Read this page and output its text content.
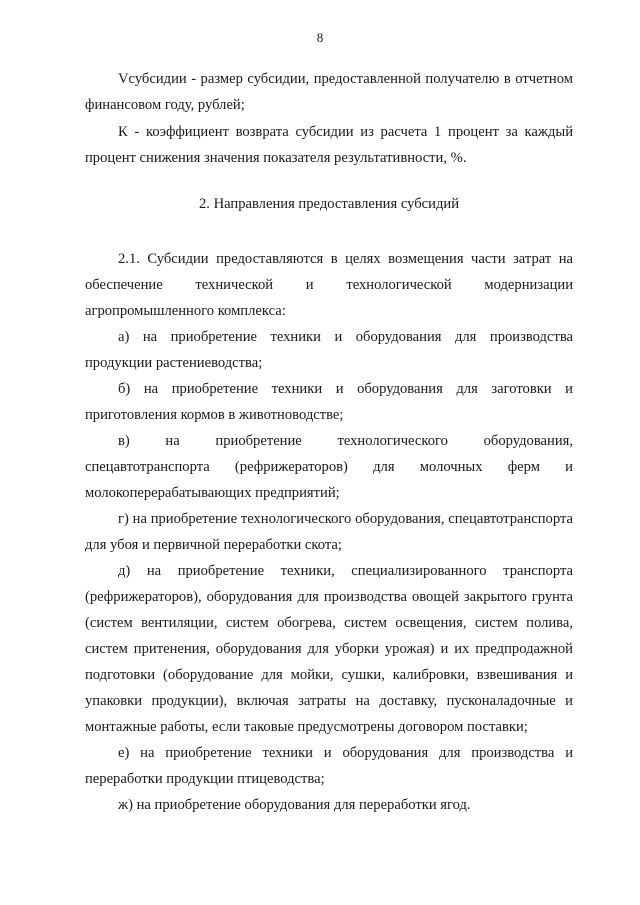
8

Vсубсидии - размер субсидии, предоставленной получателю в отчетном финансовом году, рублей;

К - коэффициент возврата субсидии из расчета 1 процент за каждый процент снижения значения показателя результативности, %.

2. Направления предоставления субсидий

2.1. Субсидии предоставляются в целях возмещения части затрат на обеспечение технической и технологической модернизации агропромышленного комплекса:

а) на приобретение техники и оборудования для производства продукции растениеводства;

б) на приобретение техники и оборудования для заготовки и приготовления кормов в животноводстве;

в) на приобретение технологического оборудования, спецавтотранспорта (рефрижераторов) для молочных ферм и молокоперерабатывающих предприятий;

г) на приобретение технологического оборудования, спецавтотранспорта для убоя и первичной переработки скота;

д) на приобретение техники, специализированного транспорта (рефрижераторов), оборудования для производства овощей закрытого грунта (систем вентиляции, систем обогрева, систем освещения, систем полива, систем притенения, оборудования для уборки урожая) и их предпродажной подготовки (оборудование для мойки, сушки, калибровки, взвешивания и упаковки продукции), включая затраты на доставку, пусконаладочные и монтажные работы, если таковые предусмотрены договором поставки;

е) на приобретение техники и оборудования для производства и переработки продукции птицеводства;

ж) на приобретение оборудования для переработки ягод.
